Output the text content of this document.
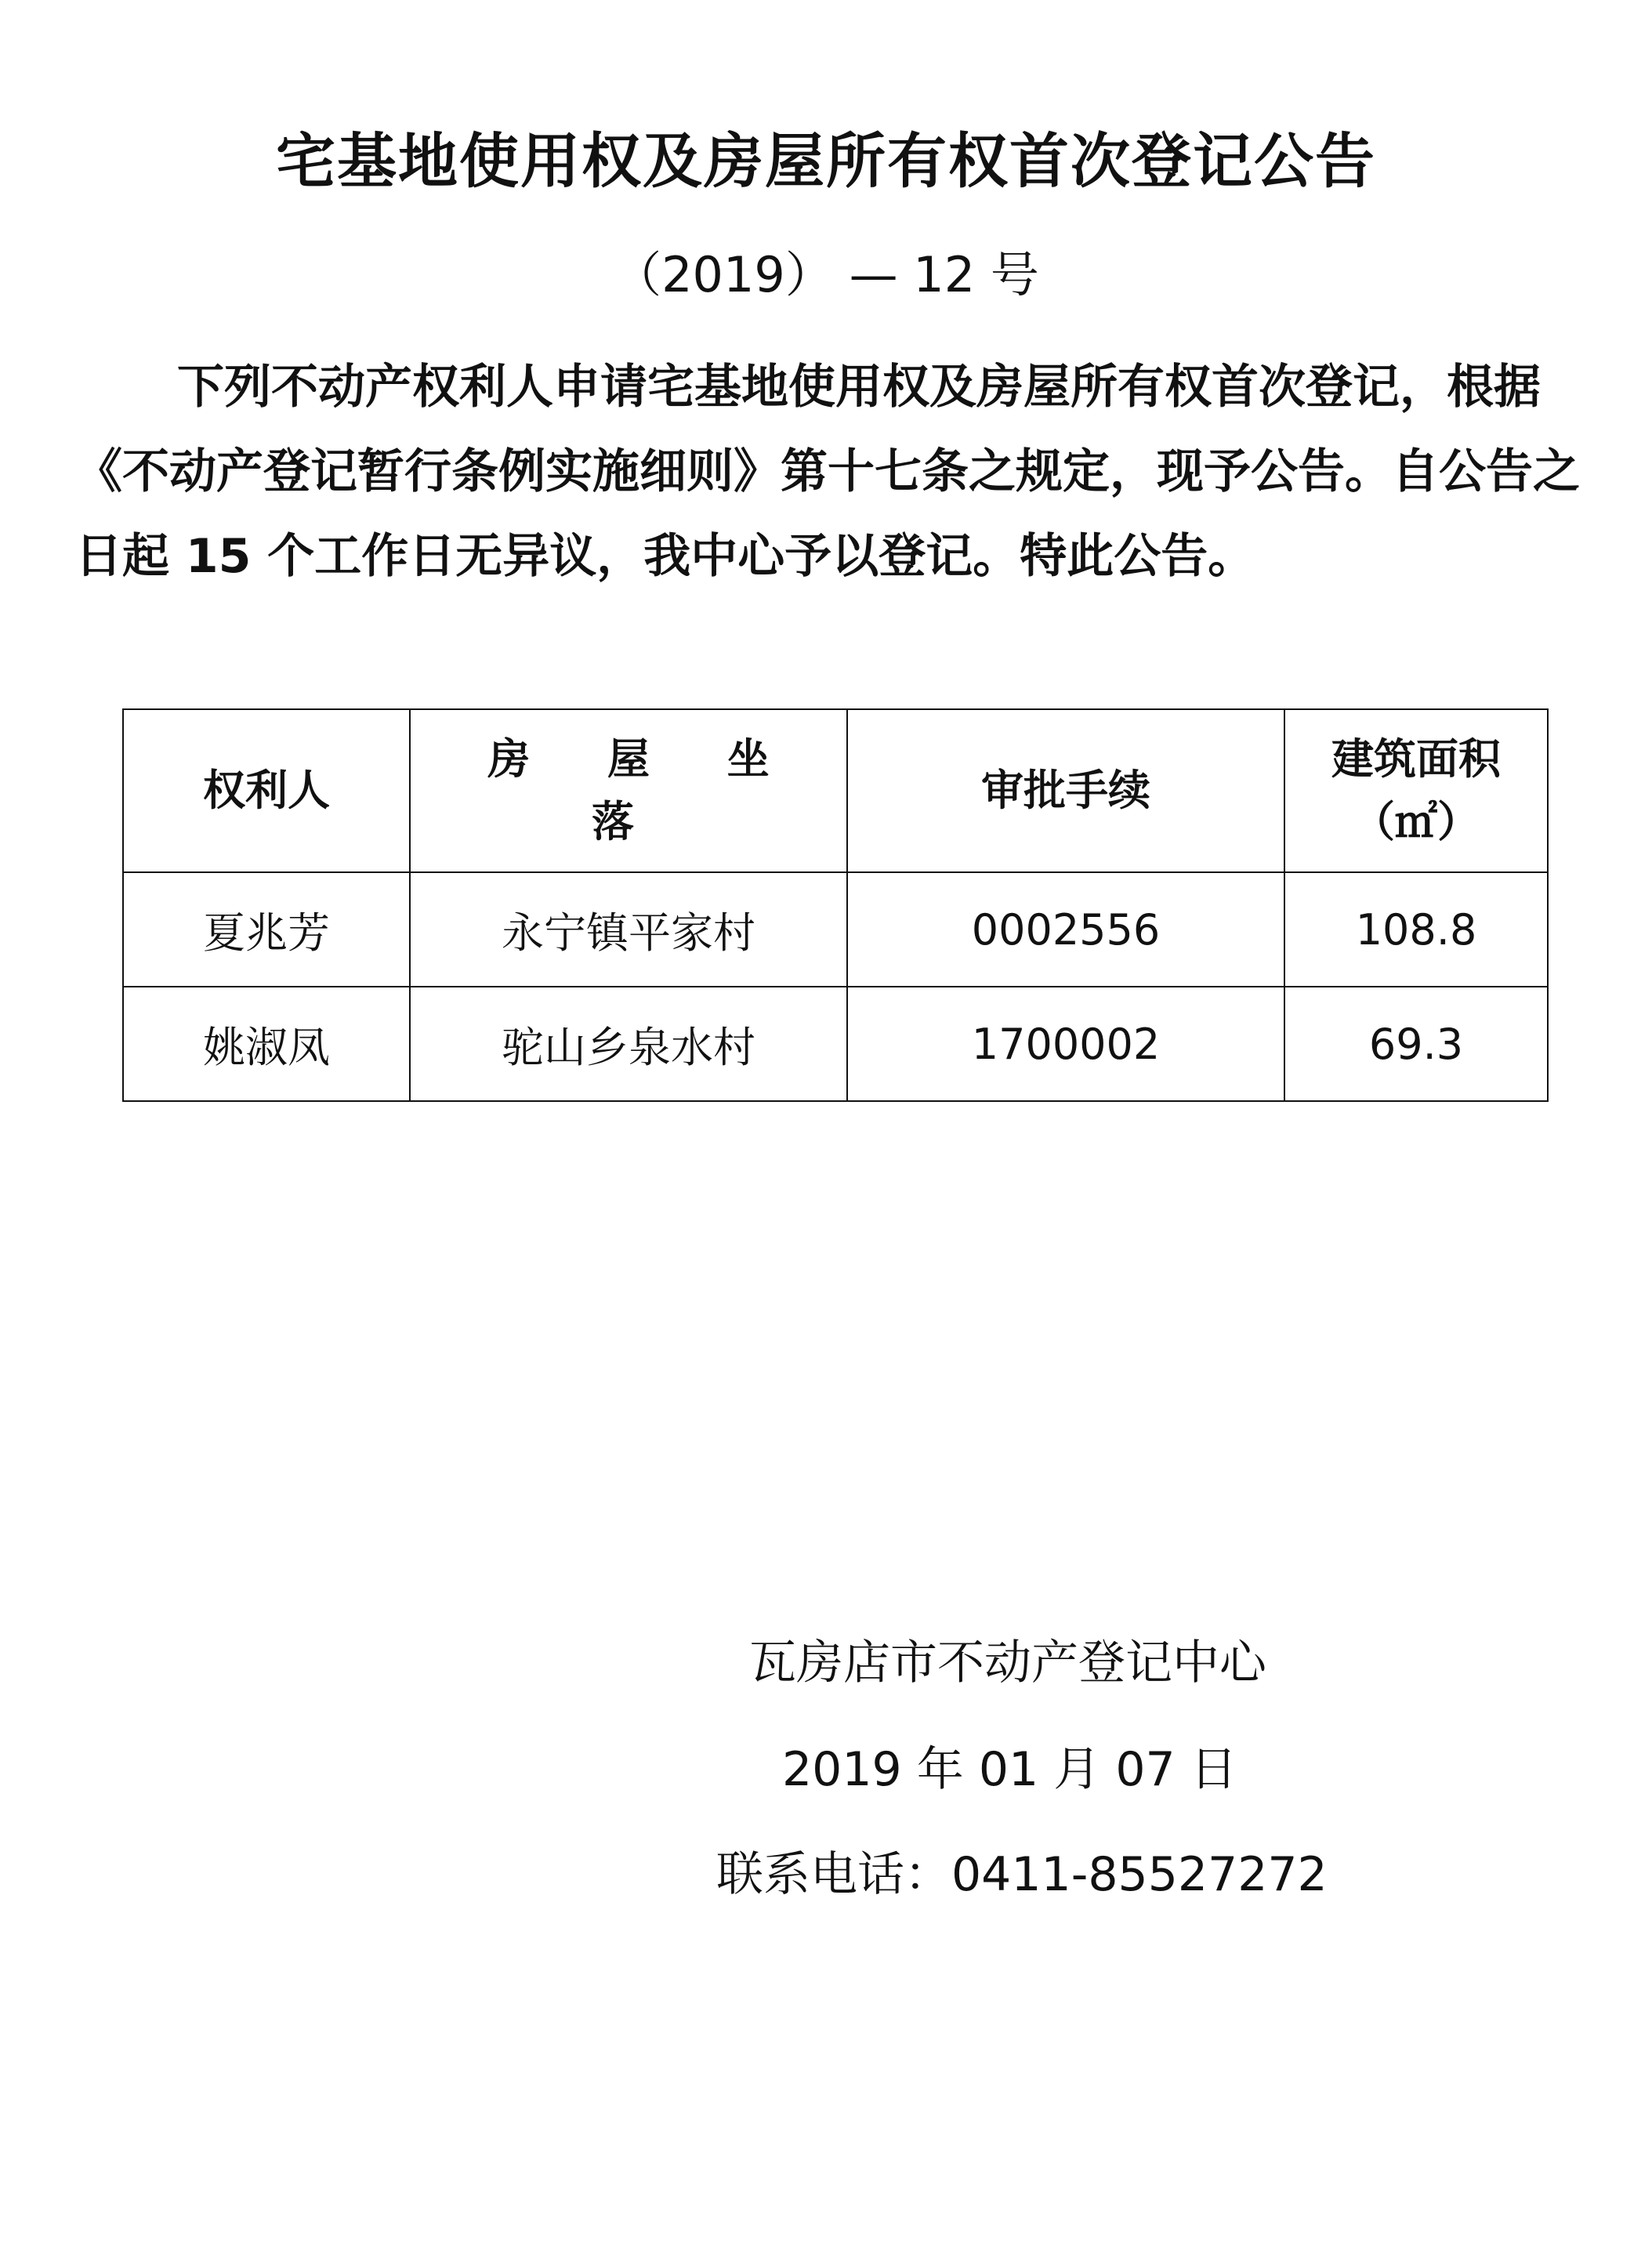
宅基地使用权及房屋所有权首次登记公告
（2019） — 12 号
下列不动产权利人申请宅基地使用权及房屋所有权首次登记，根据《不动产登记暂行条例实施细则》第十七条之规定，现予公告。自公告之日起 15 个工作日无异议，我中心予以登记。特此公告。
权利人	房 屋 坐 落	审批手续	建筑面积
（㎡）

夏兆芳	永宁镇平家村	0002556	108.8
姚淑凤	驼山乡泉水村	1700002	69.3
瓦房店市不动产登记中心
2019 年 01 月 07 日
联系电话：0411-85527272
